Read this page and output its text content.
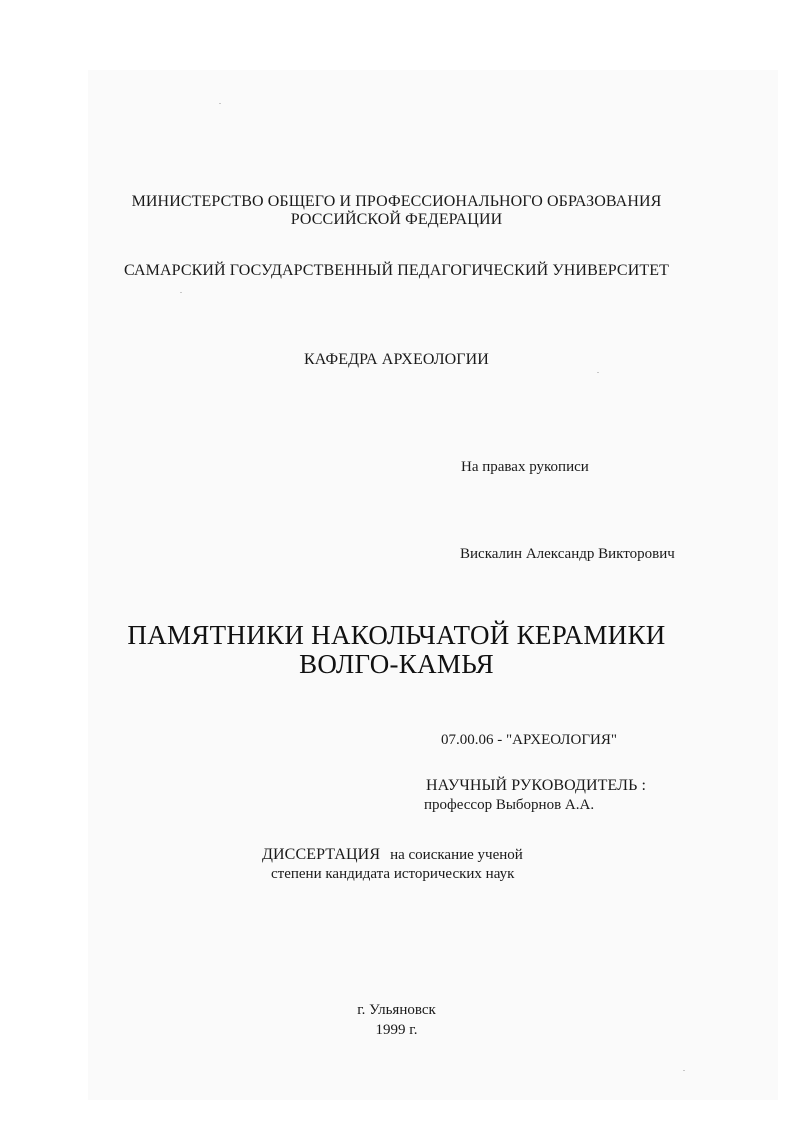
МИНИСТЕРСТВО ОБЩЕГО И ПРОФЕССИОНАЛЬНОГО ОБРАЗОВАНИЯ
РОССИЙСКОЙ ФЕДЕРАЦИИ
САМАРСКИЙ ГОСУДАРСТВЕННЫЙ ПЕДАГОГИЧЕСКИЙ УНИВЕРСИТЕТ
КАФЕДРА АРХЕОЛОГИИ
На правах рукописи
Вискалин Александр Викторович
ПАМЯТНИКИ НАКОЛЬЧАТОЙ КЕРАМИКИ
ВОЛГО-КАМЬЯ
07.00.06 - "АРХЕОЛОГИЯ"
НАУЧНЫЙ РУКОВОДИТЕЛЬ :
профессор Выборнов А.А.
ДИССЕРТАЦИЯ на соискание ученой
степени кандидата исторических наук
г. Ульяновск
1999 г.
